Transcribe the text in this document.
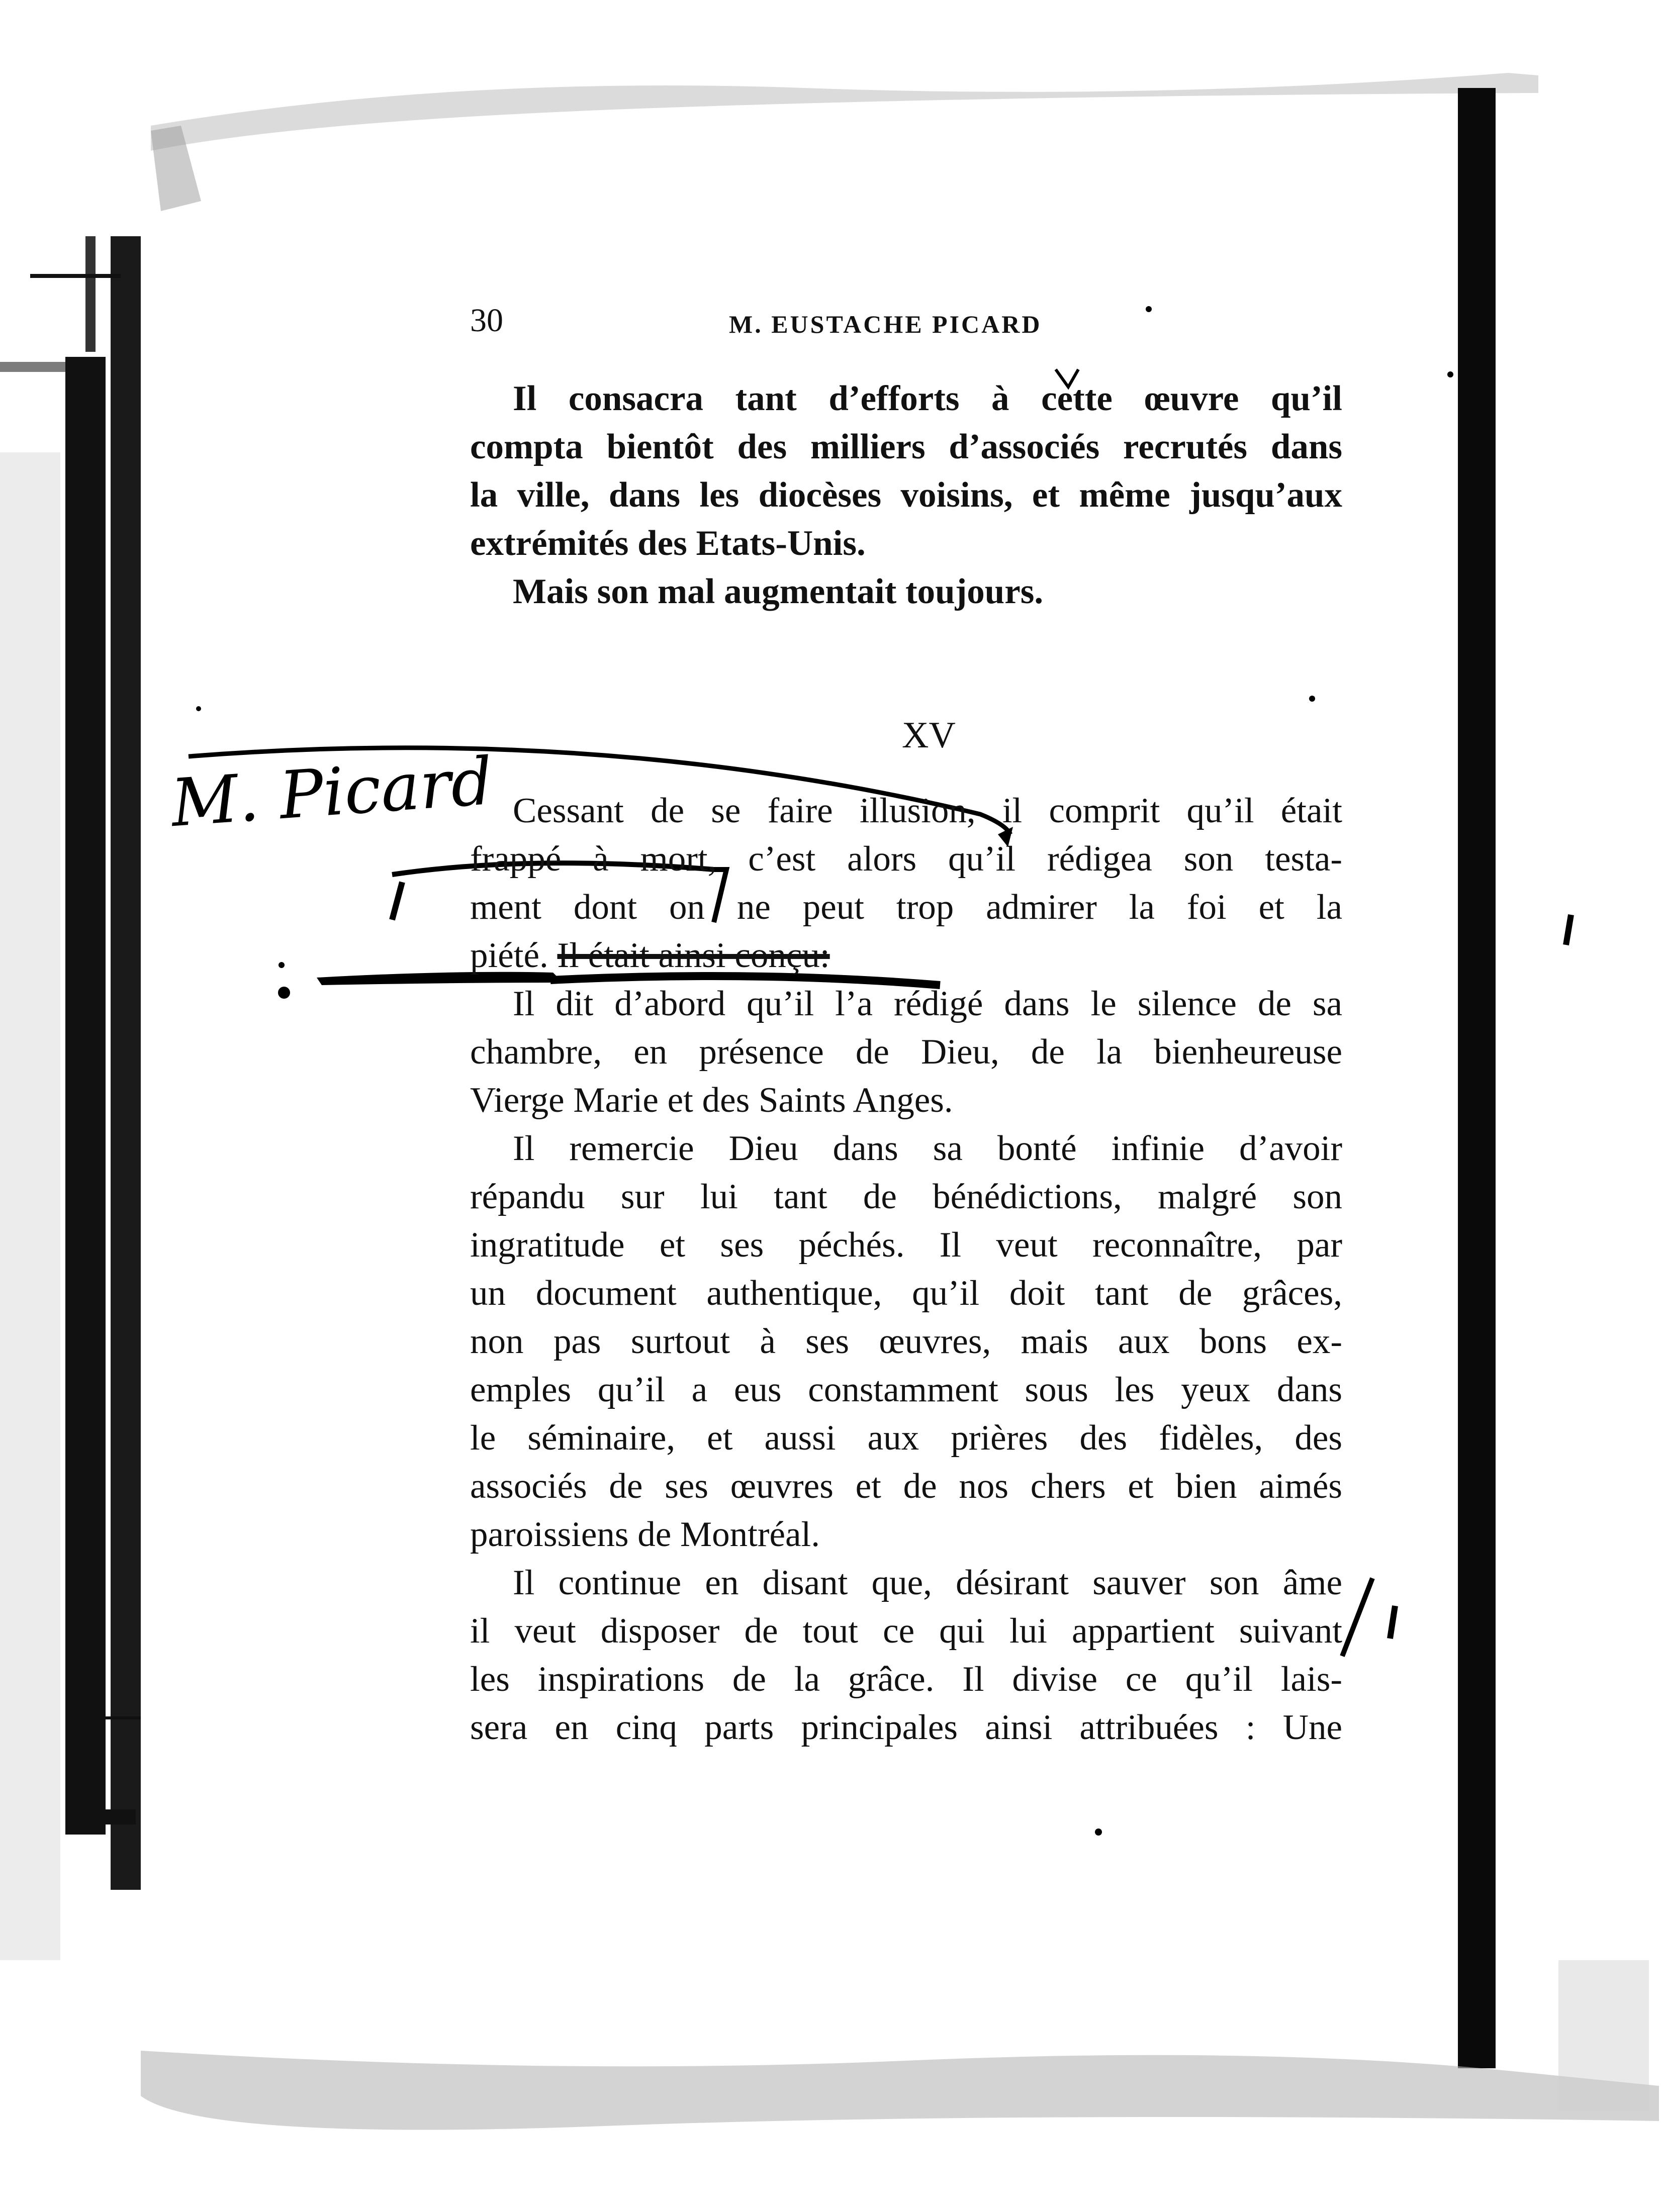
30	M. EUSTACHE PICARD
M. Picard
Il consacra tant d’efforts à cette œuvre qu’il
compta bientôt des milliers d’associés recrutés dans
la ville, dans les diocèses voisins, et même jusqu’aux
extrémités des Etats-Unis.
Mais son mal augmentait toujours.
XV
Cessant de se faire illusion, il comprit qu’il était
frappé à mort, c’est alors qu’il rédigea son testa-
ment dont on ne peut trop admirer la foi et la
piété. Il était ainsi conçu:
Il dit d’abord qu’il l’a rédigé dans le silence de sa
chambre, en présence de Dieu, de la bienheureuse
Vierge Marie et des Saints Anges.
Il remercie Dieu dans sa bonté infinie d’avoir
répandu sur lui tant de bénédictions, malgré son
ingratitude et ses péchés. Il veut reconnaître, par
un document authentique, qu’il doit tant de grâces,
non pas surtout à ses œuvres, mais aux bons ex-
emples qu’il a eus constamment sous les yeux dans
le séminaire, et aussi aux prières des fidèles, des
associés de ses œuvres et de nos chers et bien aimés
paroissiens de Montréal.
Il continue en disant que, désirant sauver son âme
il veut disposer de tout ce qui lui appartient suivant
les inspirations de la grâce. Il divise ce qu’il lais-
sera en cinq parts principales ainsi attribuées : Une
